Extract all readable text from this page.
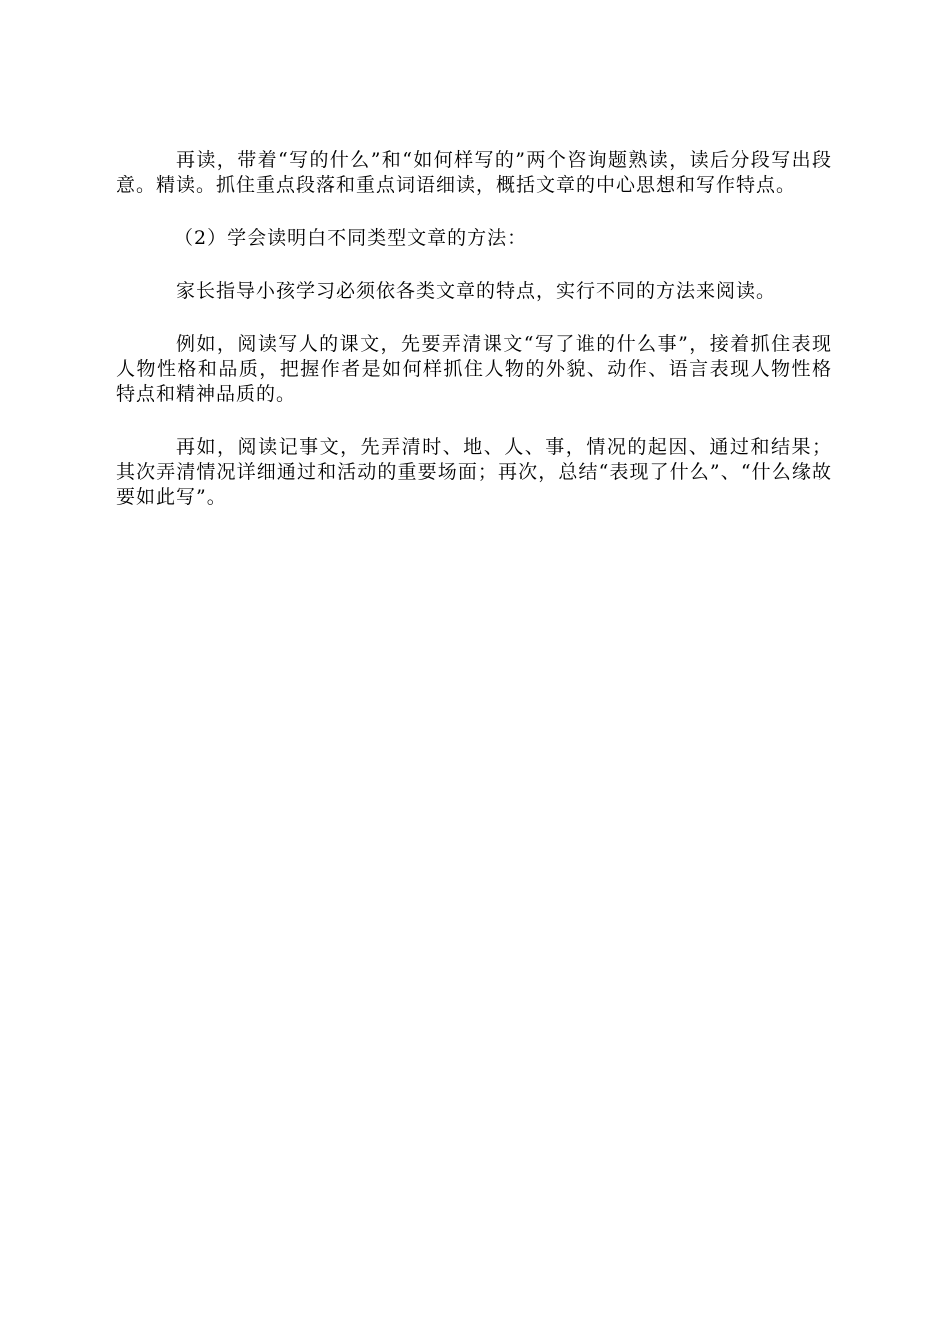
再读，带着“写的什么”和“如何样写的”两个咨询题熟读，读后分段写出段意。精读。抓住重点段落和重点词语细读，概括文章的中心思想和写作特点。

（2）学会读明白不同类型文章的方法：

家长指导小孩学习必须依各类文章的特点，实行不同的方法来阅读。

例如，阅读写人的课文，先要弄清课文“写了谁的什么事”，接着抓住表现人物性格和品质，把握作者是如何样抓住人物的外貌、动作、语言表现人物性格特点和精神品质的。

再如，阅读记事文，先弄清时、地、人、事，情况的起因、通过和结果；其次弄清情况详细通过和活动的重要场面；再次，总结“表现了什么”、“什么缘故要如此写”。
